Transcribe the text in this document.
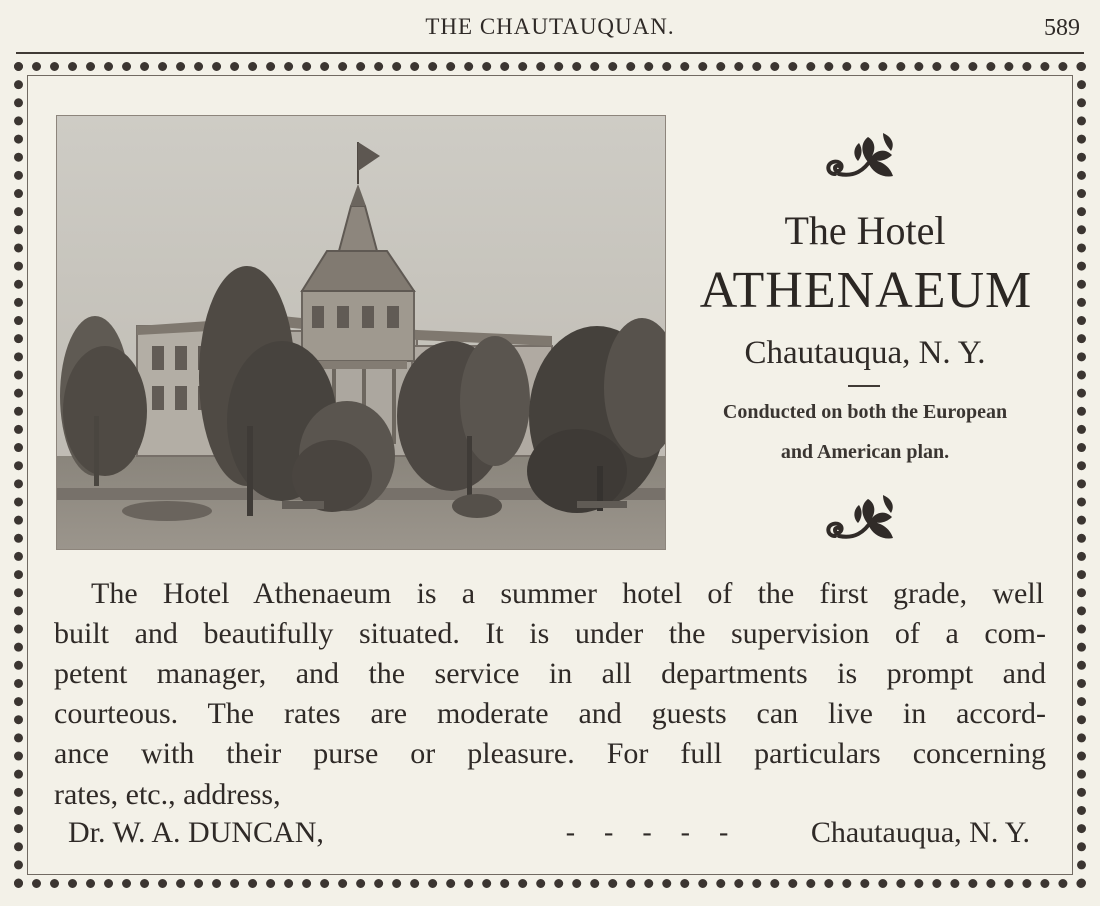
THE CHAUTAUQUAN.	589
The Hotel
ATHENAEUM
Chautauqua, N. Y.
Conducted on both the European
and American plan.
The Hotel Athenaeum is a summer hotel of the first grade, well
built and beautifully situated. It is under the supervision of a com-
petent manager, and the service in all departments is prompt and
courteous. The rates are moderate and guests can live in accord-
ance with their purse or pleasure. For full particulars concerning
rates, etc., address,
Dr. W. A. DUNCAN,	- - - - -	Chautauqua, N. Y.
